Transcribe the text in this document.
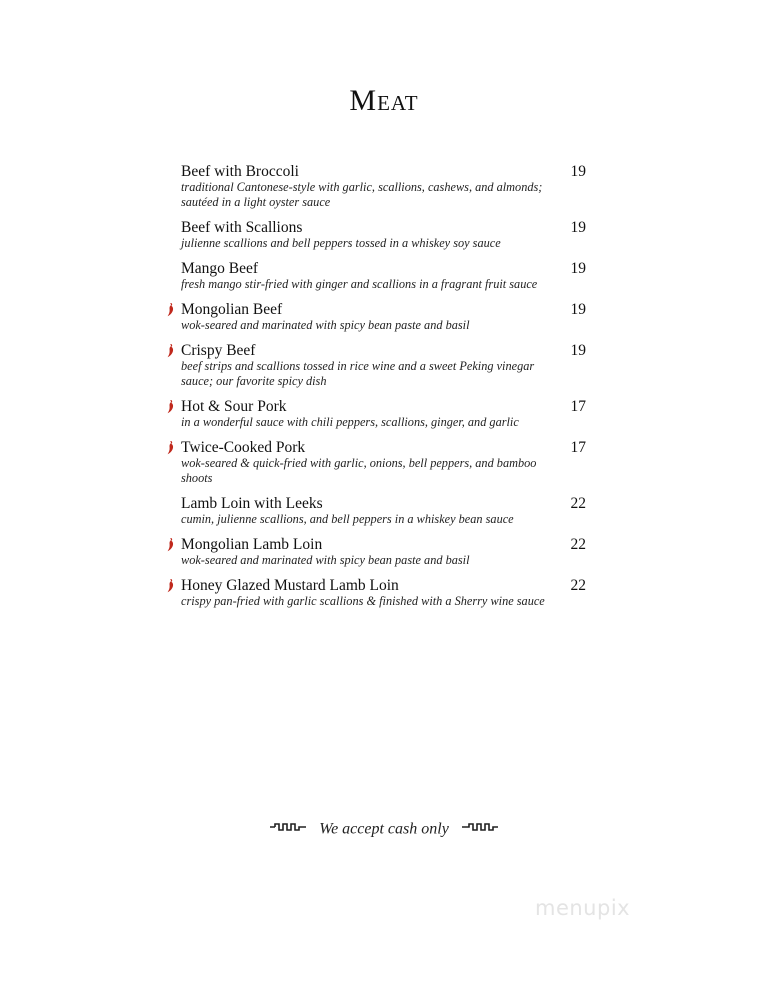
Meat
Beef with Broccoli
traditional Cantonese-style with garlic, scallions, cashews, and almonds; sautéed in a light oyster sauce
19
Beef with Scallions
julienne scallions and bell peppers tossed in a whiskey soy sauce
19
Mango Beef
fresh mango stir-fried with ginger and scallions in a fragrant fruit sauce
19
Mongolian Beef
wok-seared and marinated with spicy bean paste and basil
19
Crispy Beef
beef strips and scallions tossed in rice wine and a sweet Peking vinegar sauce; our favorite spicy dish
19
Hot & Sour Pork
in a wonderful sauce with chili peppers, scallions, ginger, and garlic
17
Twice-Cooked Pork
wok-seared & quick-fried with garlic, onions, bell peppers, and bamboo shoots
17
Lamb Loin with Leeks
cumin, julienne scallions, and bell peppers in a whiskey bean sauce
22
Mongolian Lamb Loin
wok-seared and marinated with spicy bean paste and basil
22
Honey Glazed Mustard Lamb Loin
crispy pan-fried with garlic scallions & finished with a Sherry wine sauce
22
We accept cash only
menupix
